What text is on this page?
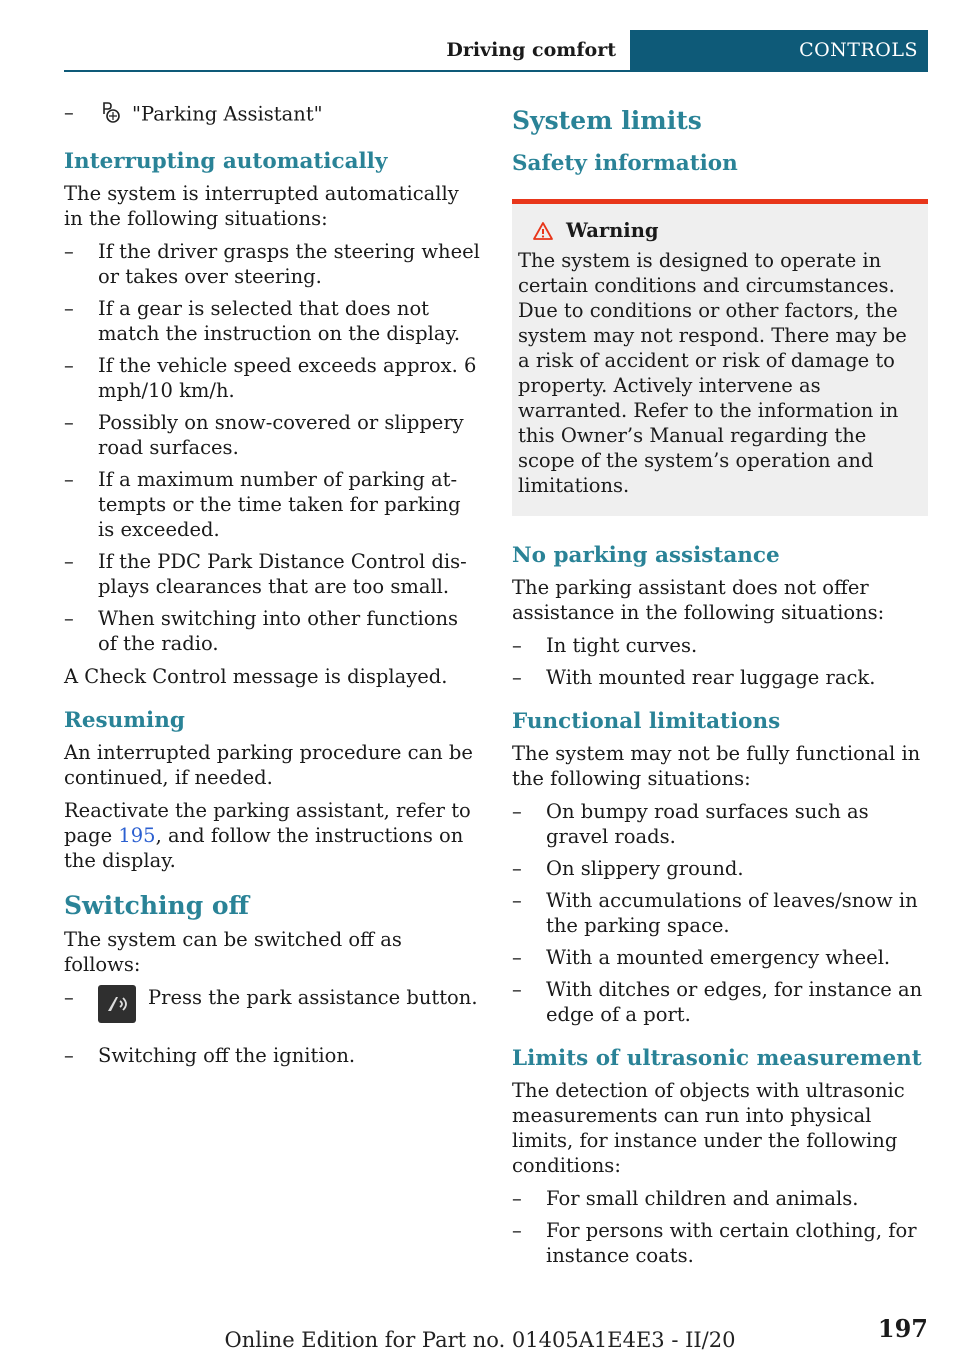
Driving comfort	CONTROLS
–	"Parking Assistant"
Interrupting automatically

The system is interrupted automatically in the following situations:

–	If the driver grasps the steering wheel or takes over steering.
–	If a gear is selected that does not match the instruction on the display.
–	If the vehicle speed exceeds approx. 6 mph/10 km/h.
–	Possibly on snow-covered or slippery road surfaces.
–	If a maximum number of parking attempts or the time taken for parking is exceeded.
–	If the PDC Park Distance Control displays clearances that are too small.
–	When switching into other functions of the radio.

A Check Control message is displayed.

Resuming

An interrupted parking procedure can be continued, if needed.

Reactivate the parking assistant, refer to page 195, and follow the instructions on the display.

Switching off

The system can be switched off as follows:

–	Press the park assistance button.
–	Switching off the ignition.
System limits
Safety information
Warning

The system is designed to operate in certain conditions and circumstances. Due to conditions or other factors, the system may not respond. There may be a risk of accident or risk of damage to property. Actively intervene as warranted. Refer to the information in this Owner’s Manual regarding the scope of the system’s operation and limitations.

No parking assistance

The parking assistant does not offer assistance in the following situations:

–	In tight curves.
–	With mounted rear luggage rack.
Functional limitations

The system may not be fully functional in the following situations:

–	On bumpy road surfaces such as gravel roads.
–	On slippery ground.
–	With accumulations of leaves/snow in the parking space.
–	With a mounted emergency wheel.
–	With ditches or edges, for instance an edge of a port.
Limits of ultrasonic measurement

The detection of objects with ultrasonic measurements can run into physical limits, for instance under the following conditions:

–	For small children and animals.
–	For persons with certain clothing, for instance coats.
197
Online Edition for Part no. 01405A1E4E3 - II/20
